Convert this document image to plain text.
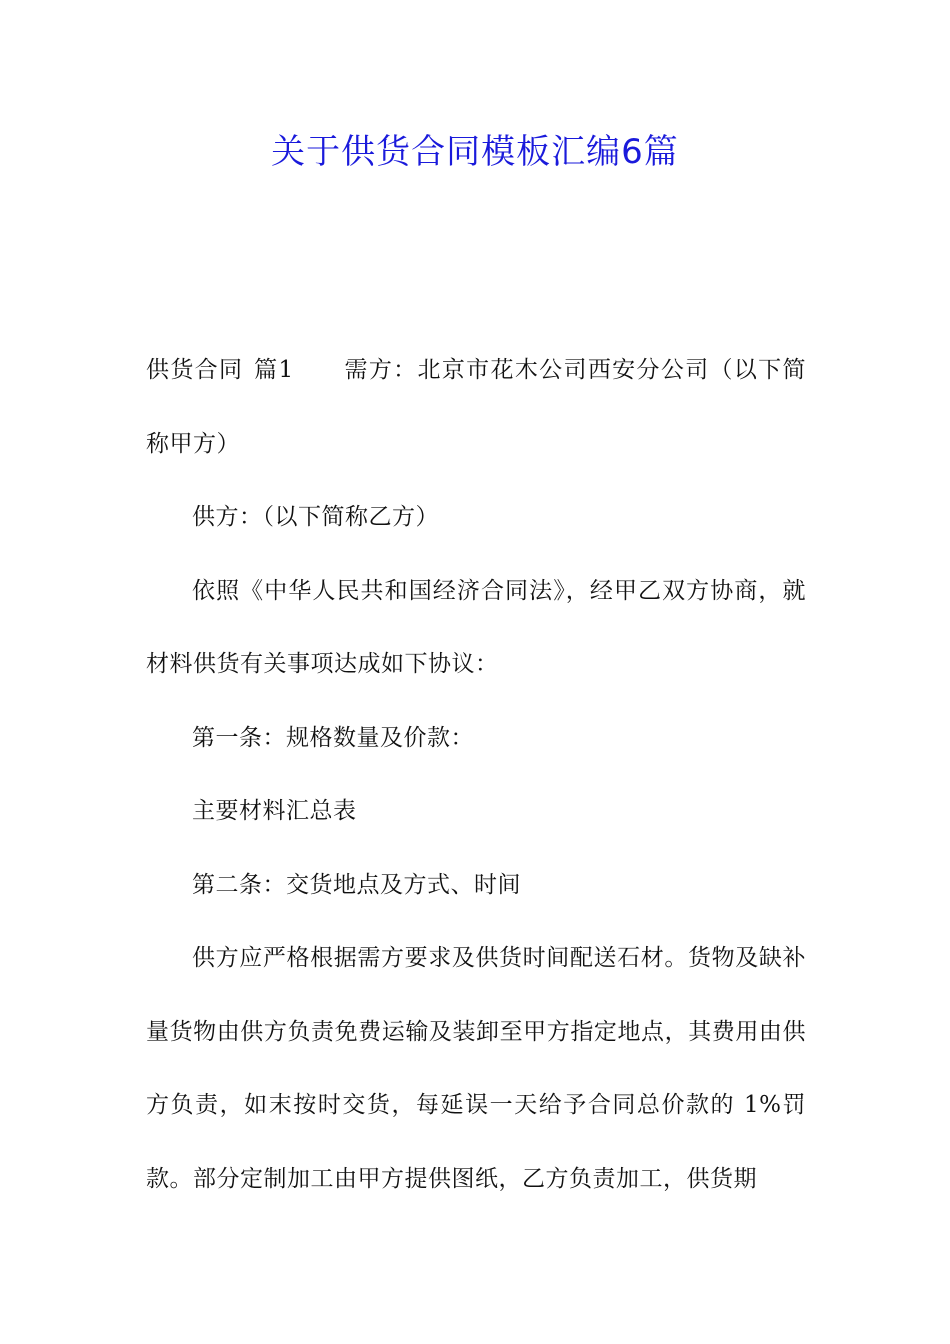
关于供货合同模板汇编6篇

供货合同 篇1 需方：北京市花木公司西安分公司（以下简称甲方）

供方：（以下简称乙方）

依照《中华人民共和国经济合同法》，经甲乙双方协商，就材料供货有关事项达成如下协议：

第一条：规格数量及价款：

主要材料汇总表

第二条：交货地点及方式、时间

供方应严格根据需方要求及供货时间配送石材。货物及缺补量货物由供方负责免费运输及装卸至甲方指定地点，其费用由供方负责，如末按时交货，每延误一天给予合同总价款的 1%罚款。部分定制加工由甲方提供图纸，乙方负责加工，供货期
